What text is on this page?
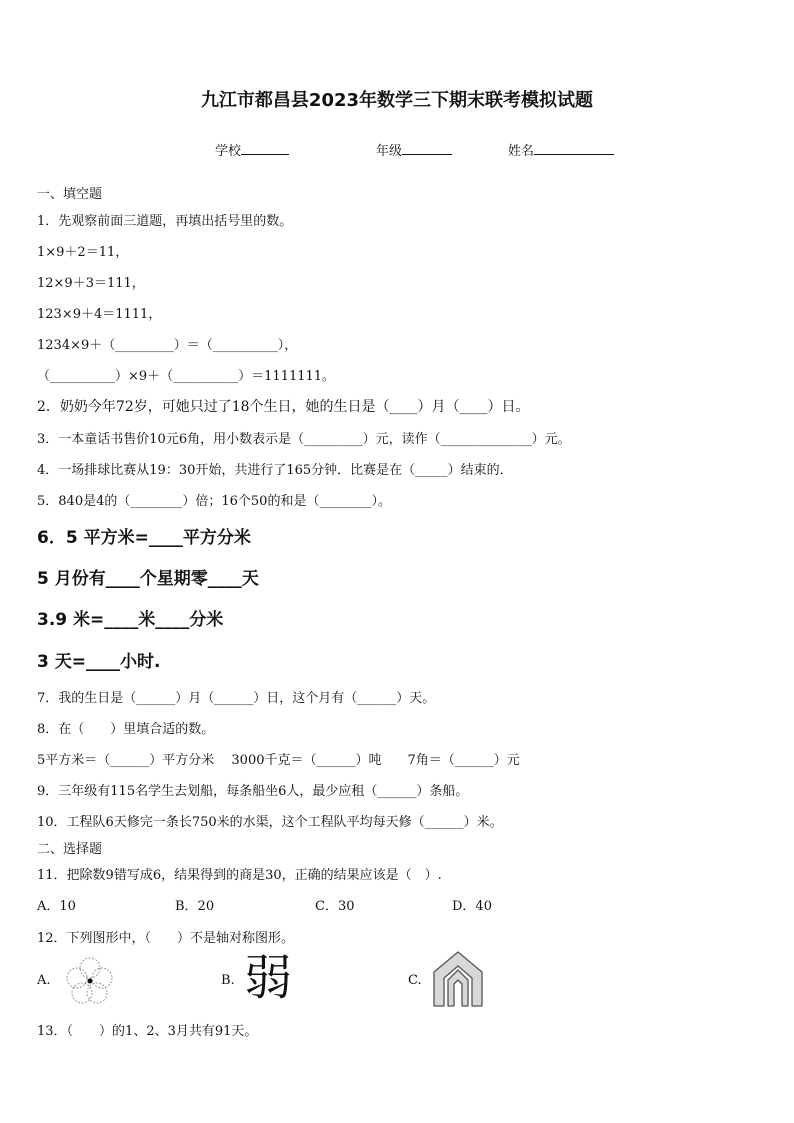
九江市都昌县2023年数学三下期末联考模拟试题
学校	年级	姓名
一、填空题
1．先观察前面三道题，再填出括号里的数。
1×9＋2＝11，
12×9＋3＝111，
123×9＋4＝1111，
1234×9＋（_________）＝（__________），
（__________）×9＋（__________）＝1111111。
2．奶奶今年72岁，可她只过了18个生日，她的生日是（____）月（____）日。
3．一本童话书售价10元6角，用小数表示是（_________）元，读作（______________）元。
4．一场排球比赛从19：30开始，共进行了165分钟．比赛是在（_____）结束的．
5．840是4的（________）倍；16个50的和是（________）。
6．5 平方米=____平方分米
5 月份有____个星期零____天
3.9 米=____米____分米
3 天=____小时.
7．我的生日是（______）月（______）日，这个月有（______）天。
8．在（　　）里填合适的数。
5平方米＝（______）平方分米　 3000千克＝（______）吨　　7角＝（______）元
9．三年级有115名学生去划船，每条船坐6人，最少应租（______）条船。
10．工程队6天修完一条长750米的水渠，这个工程队平均每天修（______）米。
二、选择题
11．把除数9错写成6，结果得到的商是30，正确的结果应该是（　）.
A．10	B．20	C．30	D．40
12．下列图形中，（　　）不是轴对称图形。
A.	B. 弱	C.
13．（　　）的1、2、3月共有91天。
